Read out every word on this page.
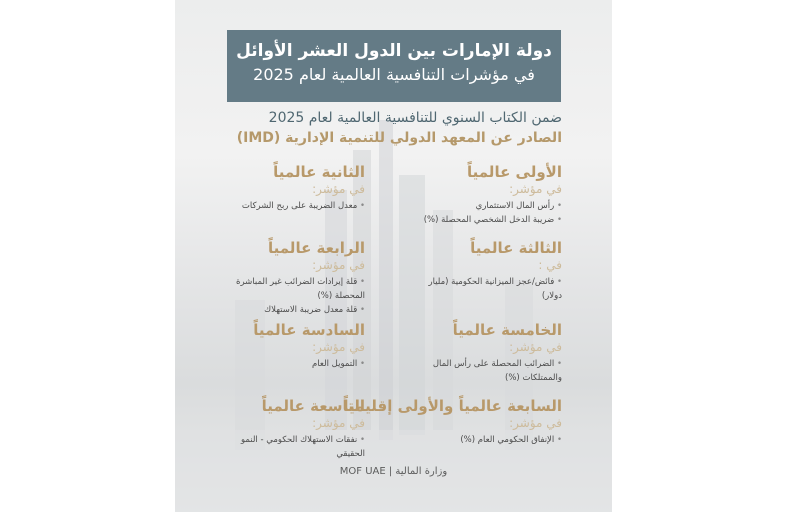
دولة الإمارات بين الدول العشر الأوائل
في مؤشرات التنافسية العالمية لعام 2025
ضمن الكتاب السنوي للتنافسية العالمية لعام 2025
الصادر عن المعهد الدولي للتنمية الإدارية (IMD)
الأولى عالمياً
في مؤشر:
• رأس المال الاستثماري
• ضريبة الدخل الشخصي المحصلة (%)
الثانية عالمياً
في مؤشر:
• معدل الضريبة على ربح الشركات
الثالثة عالمياً
في :
• فائض/عجز الميزانية الحكومية (مليار دولار)
الرابعة عالمياً
في مؤشر:
• قلة إيرادات الضرائب غير المباشرة المحصلة (%)
• قلة معدل ضريبة الاستهلاك
الخامسة عالمياً
في مؤشر:
• الضرائب المحصلة على رأس المال والممتلكات (%)
السادسة عالمياً
في مؤشر:
• التمويل العام
السابعة عالمياً والأولى إقليمياً
في مؤشر:
• الإنفاق الحكومي العام (%)
التاسعة عالمياً
في مؤشر:
• نفقات الاستهلاك الحكومي - النمو الحقيقي
وزارة المالية | MOF UAE
